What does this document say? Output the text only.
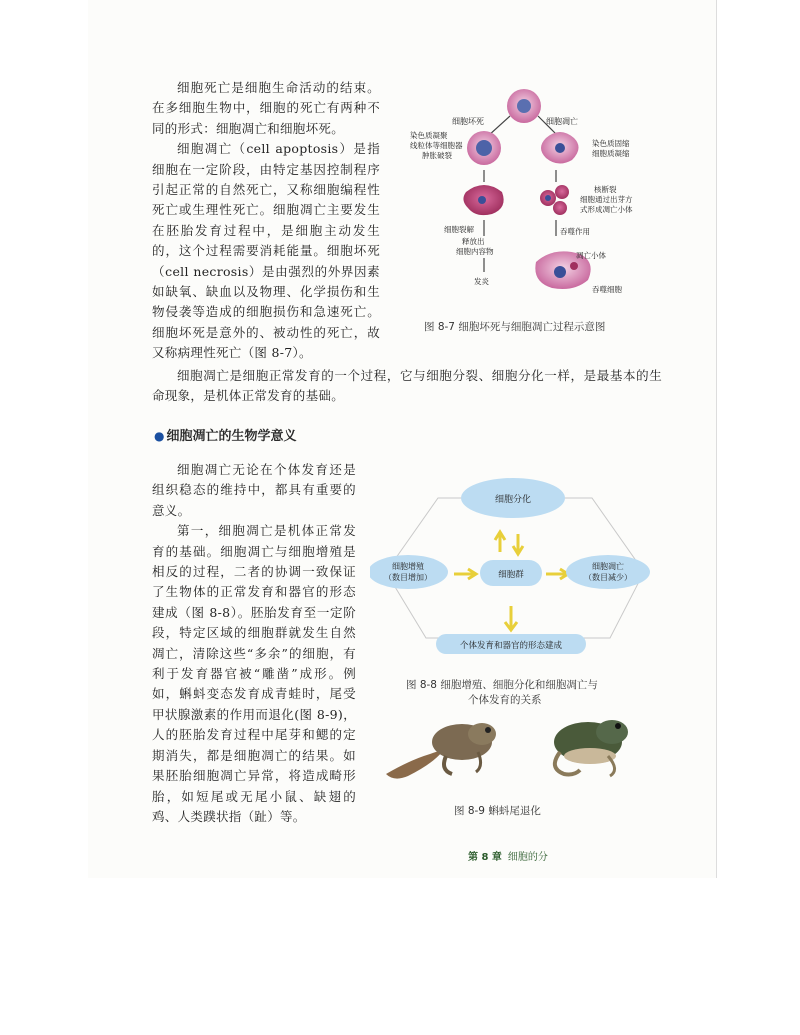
细胞死亡是细胞生命活动的结束。在多细胞生物中，细胞的死亡有两种不同的形式：细胞凋亡和细胞坏死。

细胞凋亡（cell apoptosis）是指细胞在一定阶段，由特定基因控制程序引起正常的自然死亡，又称细胞编程性死亡或生理性死亡。细胞凋亡主要发生在胚胎发育过程中，是细胞主动发生的，这个过程需要消耗能量。细胞坏死（cell necrosis）是由强烈的外界因素如缺氧、缺血以及物理、化学损伤和生物侵袭等造成的细胞损伤和急速死亡。细胞坏死是意外的、被动性的死亡，故又称病理性死亡（图 8-7）。

细胞坏死	细胞凋亡
染色质凝聚
线粒体等细胞器
肿胀破裂
染色质固缩
细胞质凝缩
核断裂
细胞通过出芽方
式形成凋亡小体
细胞裂解
释放出
细胞内容物
吞噬作用
发炎
凋亡小体
吞噬细胞
图 8-7 细胞坏死与细胞凋亡过程示意图

细胞凋亡是细胞正常发育的一个过程，它与细胞分裂、细胞分化一样，是最基本的生命现象，是机体正常发育的基础。

● 细胞凋亡的生物学意义

细胞凋亡无论在个体发育还是组织稳态的维持中，都具有重要的意义。

第一，细胞凋亡是机体正常发育的基础。细胞凋亡与细胞增殖是相反的过程，二者的协调一致保证了生物体的正常发育和器官的形态建成（图 8-8）。胚胎发育至一定阶段，特定区域的细胞群就发生自然凋亡，清除这些“多余”的细胞，有利于发育器官被“雕凿”成形。例如，蝌蚪变态发育成青蛙时，尾受甲状腺激素的作用而退化(图 8-9)，人的胚胎发育过程中尾芽和鳃的定期消失，都是细胞凋亡的结果。如果胚胎细胞凋亡异常，将造成畸形胎，如短尾或无尾小鼠、缺翅的鸡、人类蹼状指（趾）等。

细胞分化
细胞增殖
（数目增加）	细胞群
细胞凋亡
（数目减少）
个体发育和器官的形态建成
图 8-8 细胞增殖、细胞分化和细胞凋亡与
个体发育的关系
图 8-9 蝌蚪尾退化
第 8 章 细胞的分
